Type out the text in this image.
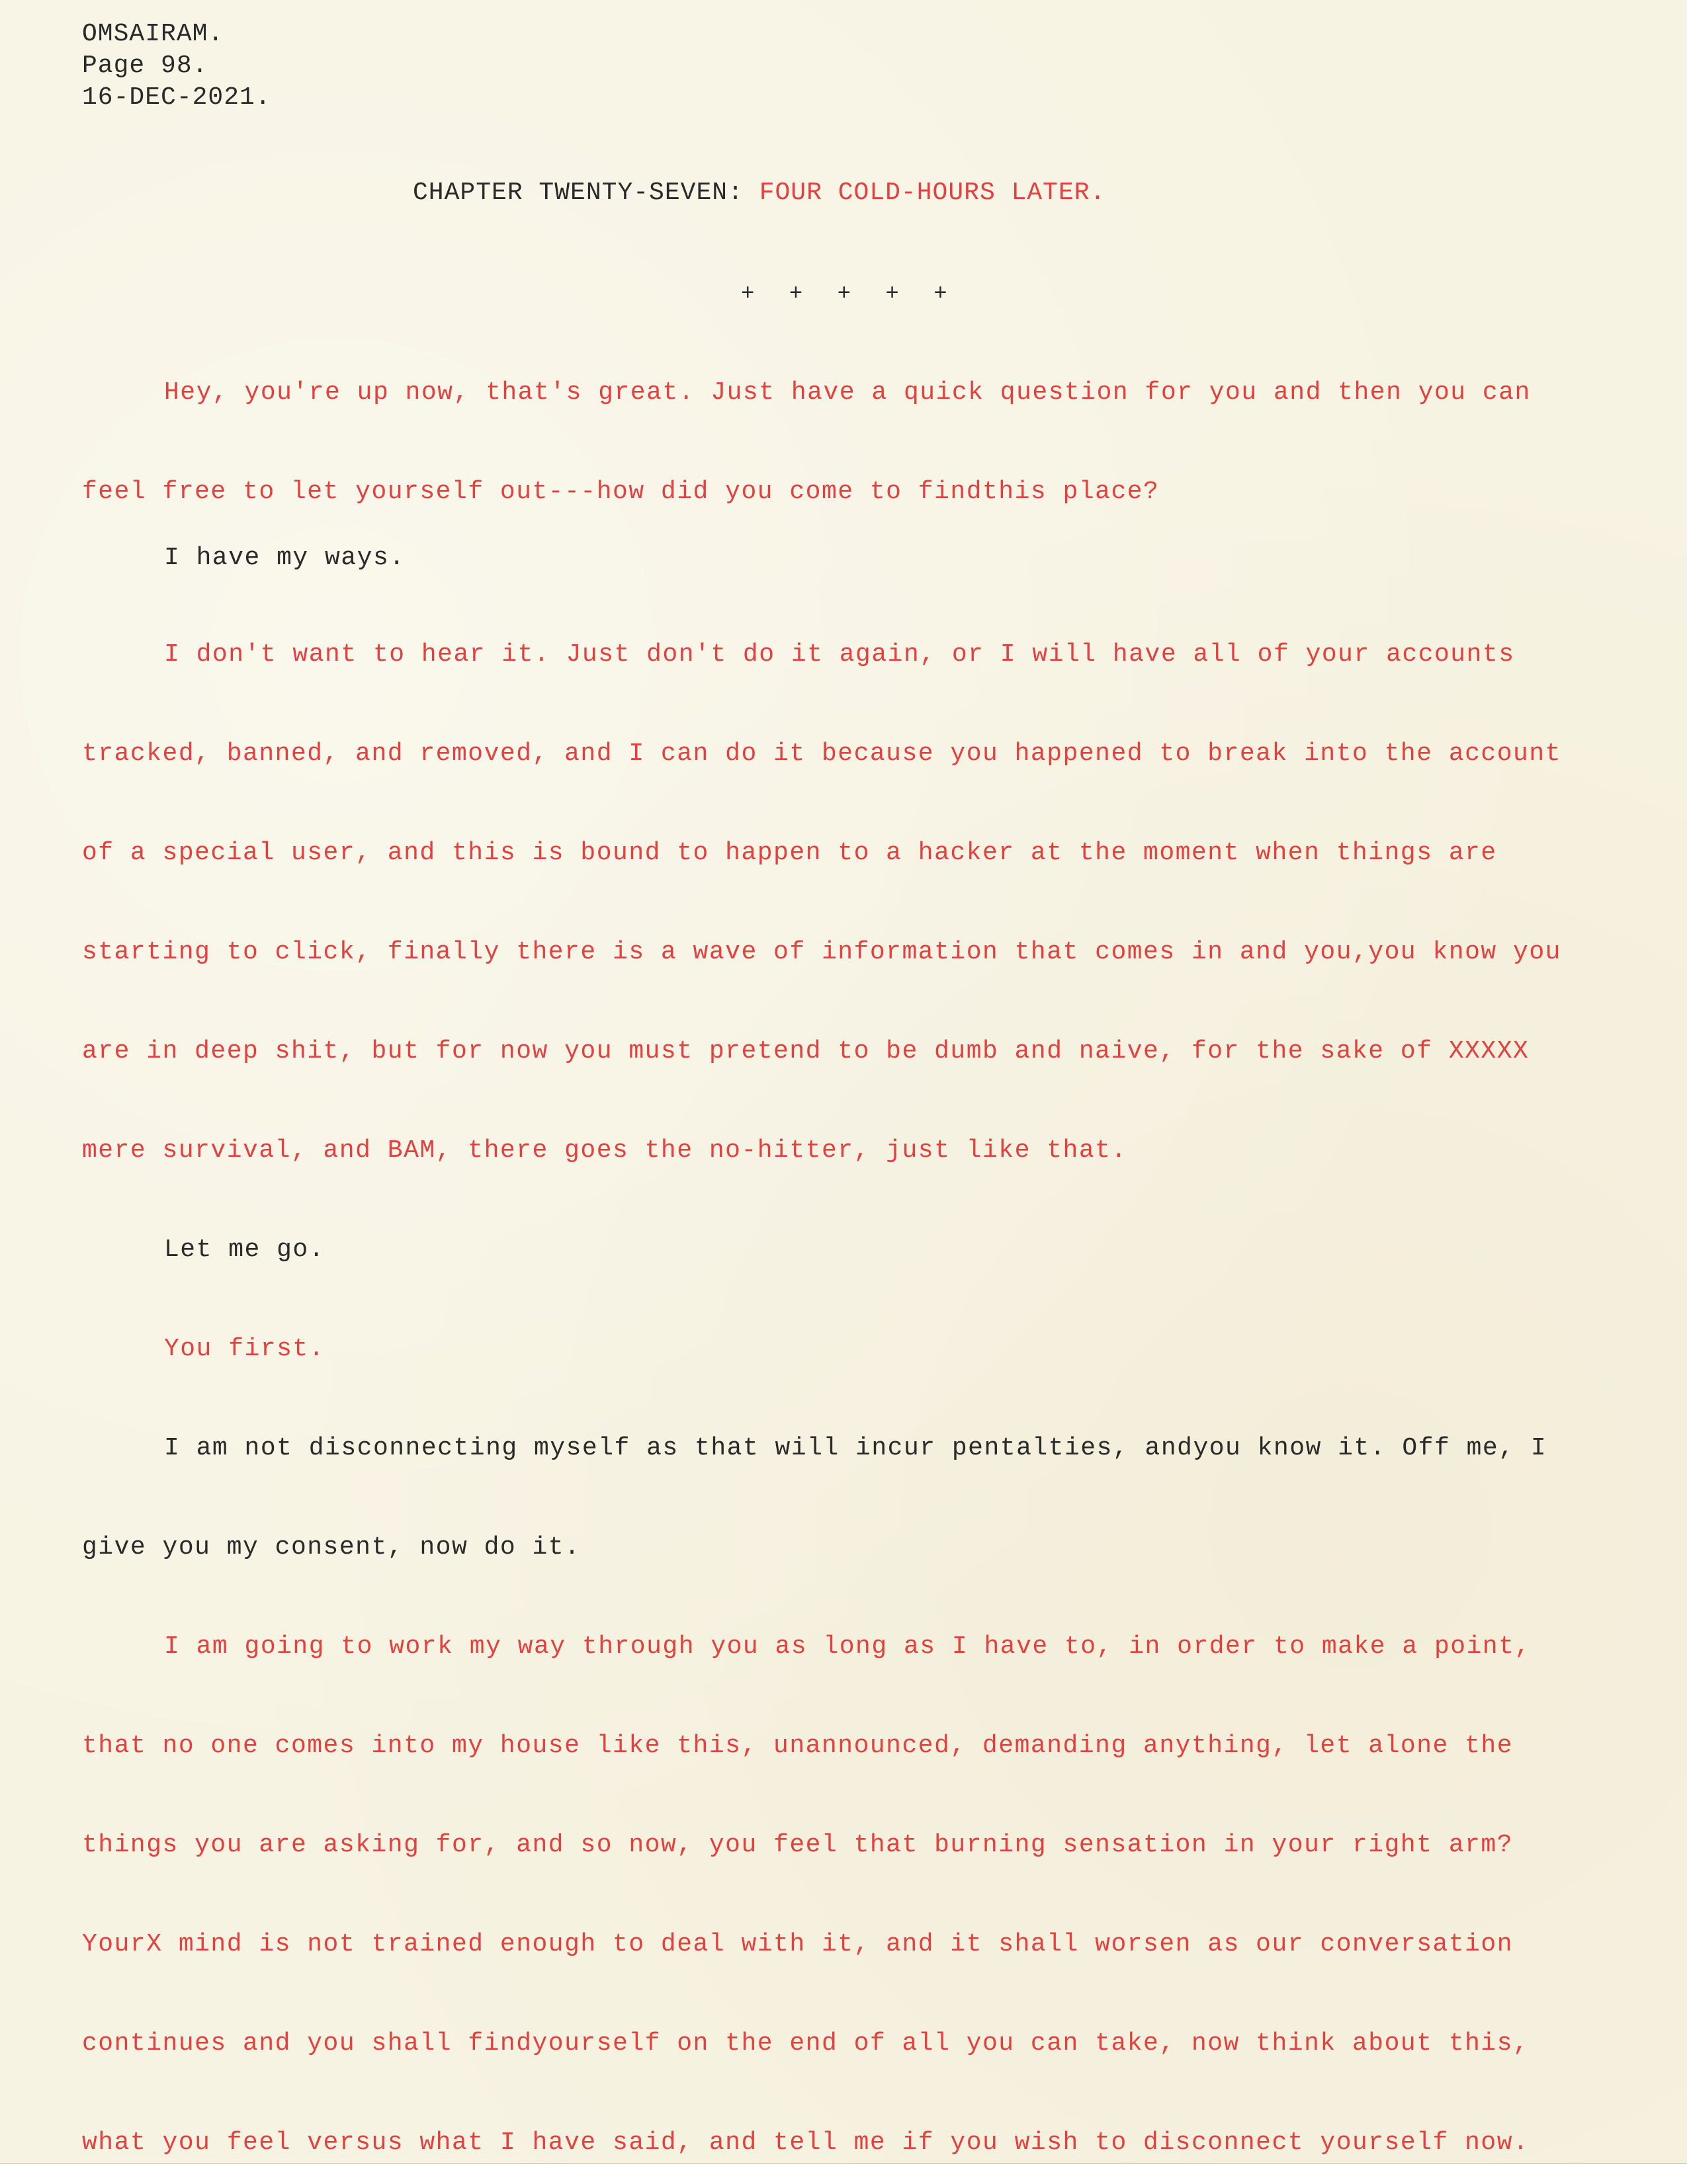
OMSAIRAM.
Page 98.
16-DEC-2021.
CHAPTER TWENTY-SEVEN: FOUR COLD-HOURS LATER.
+ + + + +
Hey, you're up now, that's great. Just have a quick question for you and then you can
feel free to let yourself out---how did you come to findthis place?
I have my ways.
I don't want to hear it. Just don't do it again, or I will have all of your accounts
tracked, banned, and removed, and I can do it because you happened to break into the account
of a special user, and this is bound to happen to a hacker at the moment when things are
starting to click, finally there is a wave of information that comes in and you,you know you
are in deep shit, but for now you must pretend to be dumb and naive, for the sake of XXXXX
mere survival, and BAM, there goes the no-hitter, just like that.
Let me go.
You first.
I am not disconnecting myself as that will incur pentalties, andyou know it. Off me, I
give you my consent, now do it.
I am going to work my way through you as long as I have to, in order to make a point,
that no one comes into my house like this, unannounced, demanding anything, let alone the
things you are asking for, and so now, you feel that burning sensation in your right arm?
YourX mind is not trained enough to deal with it, and it shall worsen as our conversation
continues and you shall findyourself on the end of all you can take, now think about this,
what you feel versus what I have said, and tell me if you wish to disconnect yourself now.
